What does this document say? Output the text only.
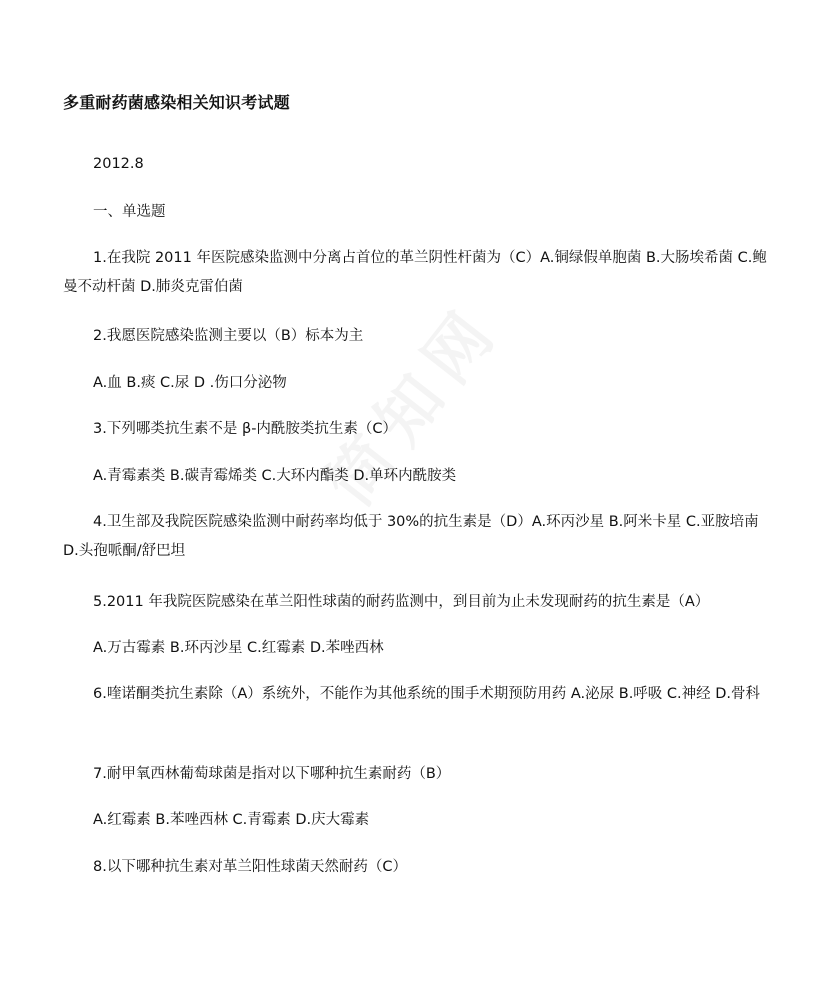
多重耐药菌感染相关知识考试题
2012.8
一、单选题
1.在我院 2011 年医院感染监测中分离占首位的革兰阴性杆菌为（C）A.铜绿假单胞菌 B.大肠埃希菌 C.鲍曼不动杆菌 D.肺炎克雷伯菌
2.我愿医院感染监测主要以（B）标本为主
A.血 B.痰 C.尿 D .伤口分泌物
3.下列哪类抗生素不是 β-内酰胺类抗生素（C）
A.青霉素类 B.碳青霉烯类 C.大环内酯类 D.单环内酰胺类
4.卫生部及我院医院感染监测中耐药率均低于 30%的抗生素是（D）A.环丙沙星 B.阿米卡星 C.亚胺培南 D.头孢哌酮/舒巴坦
5.2011 年我院医院感染在革兰阳性球菌的耐药监测中，到目前为止未发现耐药的抗生素是（A）
A.万古霉素 B.环丙沙星 C.红霉素 D.苯唑西林
6.喹诺酮类抗生素除（A）系统外，不能作为其他系统的围手术期预防用药 A.泌尿 B.呼吸 C.神经 D.骨科
7.耐甲氧西林葡萄球菌是指对以下哪种抗生素耐药（B）
A.红霉素 B.苯唑西林 C.青霉素 D.庆大霉素
8.以下哪种抗生素对革兰阳性球菌天然耐药（C）
